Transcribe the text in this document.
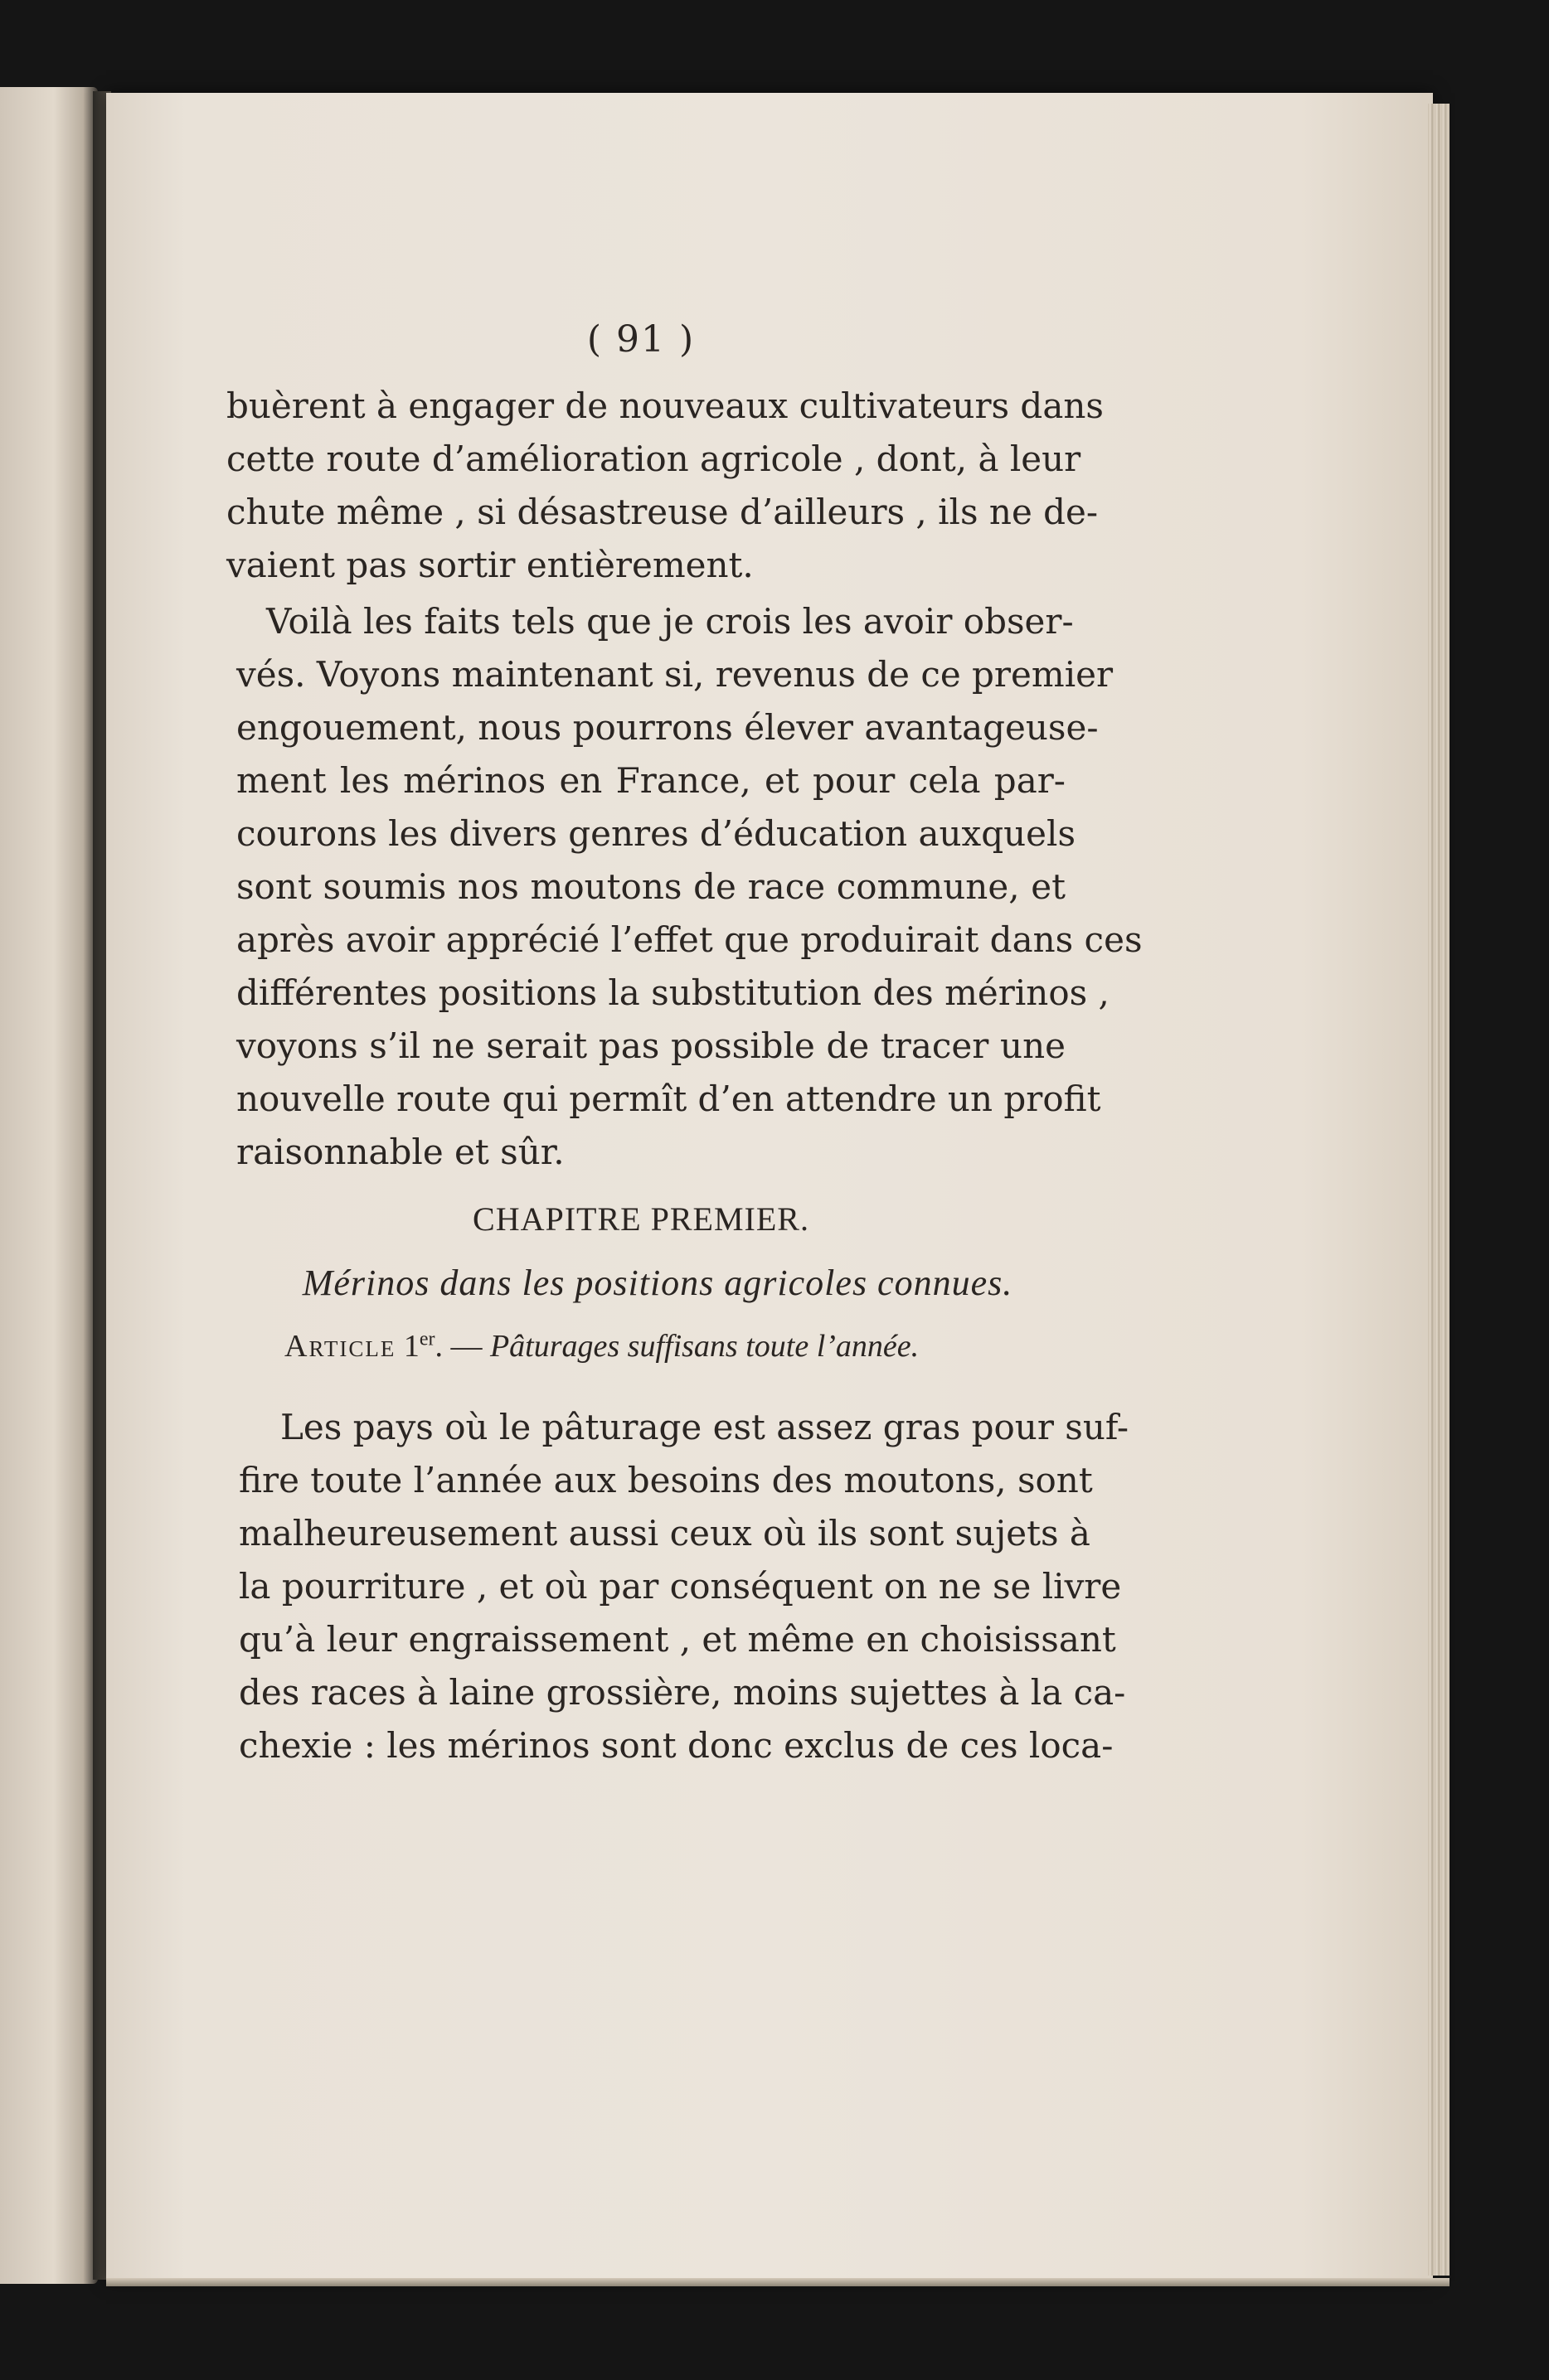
( 91 )
buèrent à engager de nouveaux cultivateurs dans
cette route d’amélioration agricole , dont, à leur
chute même , si désastreuse d’ailleurs , ils ne de-
vaient pas sortir entièrement.
Voilà les faits tels que je crois les avoir obser-
vés. Voyons maintenant si, revenus de ce premier
engouement, nous pourrons élever avantageuse-
ment les mérinos en France, et pour cela par-
courons les divers genres d’éducation auxquels
sont soumis nos moutons de race commune, et
après avoir apprécié l’effet que produirait dans ces
différentes positions la substitution des mérinos ,
voyons s’il ne serait pas possible de tracer une
nouvelle route qui permît d’en attendre un profit
raisonnable et sûr.
CHAPITRE PREMIER.
Mérinos dans les positions agricoles connues.
Article 1er. — Pâturages suffisans toute l’année.
Les pays où le pâturage est assez gras pour suf-
fire toute l’année aux besoins des moutons, sont
malheureusement aussi ceux où ils sont sujets à
la pourriture , et où par conséquent on ne se livre
qu’à leur engraissement , et même en choisissant
des races à laine grossière, moins sujettes à la ca-
chexie : les mérinos sont donc exclus de ces loca-
